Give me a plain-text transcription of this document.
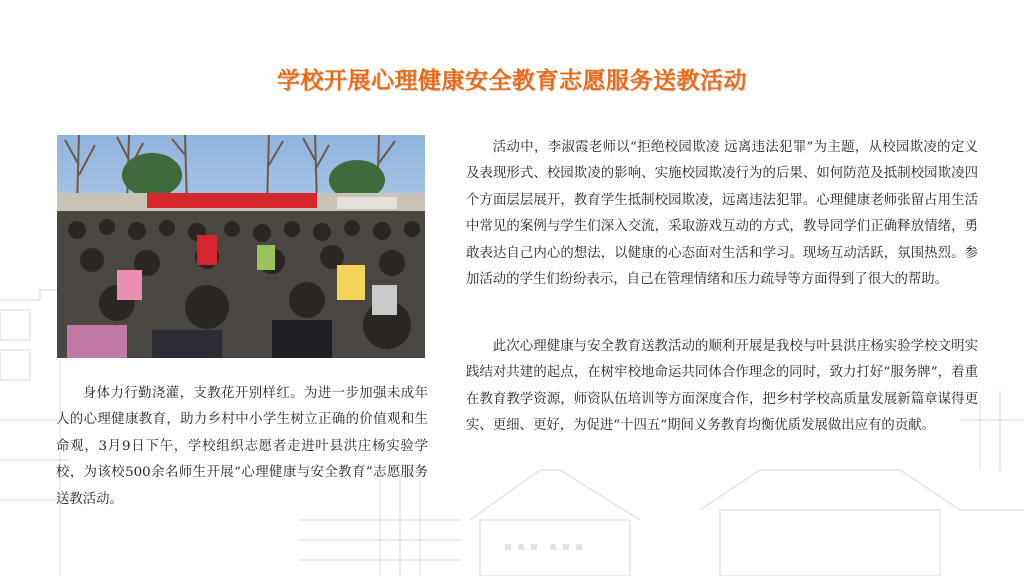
学校开展心理健康安全教育志愿服务送教活动

身体力行勤浇灌，支教花开别样红。为进一步加强未成年人的心理健康教育，助力乡村中小学生树立正确的价值观和生命观，3月9日下午，学校组织志愿者走进叶县洪庄杨实验学校，为该校500余名师生开展“心理健康与安全教育”志愿服务送教活动。

活动中，李淑霞老师以“拒绝校园欺凌 远离违法犯罪”为主题，从校园欺凌的定义及表现形式、校园欺凌的影响、实施校园欺凌行为的后果、如何防范及抵制校园欺凌四个方面层层展开，教育学生抵制校园欺凌，远离违法犯罪。心理健康老师张留占用生活中常见的案例与学生们深入交流，采取游戏互动的方式，教导同学们正确释放情绪，勇敢表达自己内心的想法，以健康的心态面对生活和学习。现场互动活跃，氛围热烈。参加活动的学生们纷纷表示，自己在管理情绪和压力疏导等方面得到了很大的帮助。

此次心理健康与安全教育送教活动的顺利开展是我校与叶县洪庄杨实验学校文明实践结对共建的起点，在树牢校地命运共同体合作理念的同时，致力打好“服务牌”，着重在教育教学资源，师资队伍培训等方面深度合作，把乡村学校高质量发展新篇章谋得更实、更细、更好，为促进“十四五”期间义务教育均衡优质发展做出应有的贡献。
